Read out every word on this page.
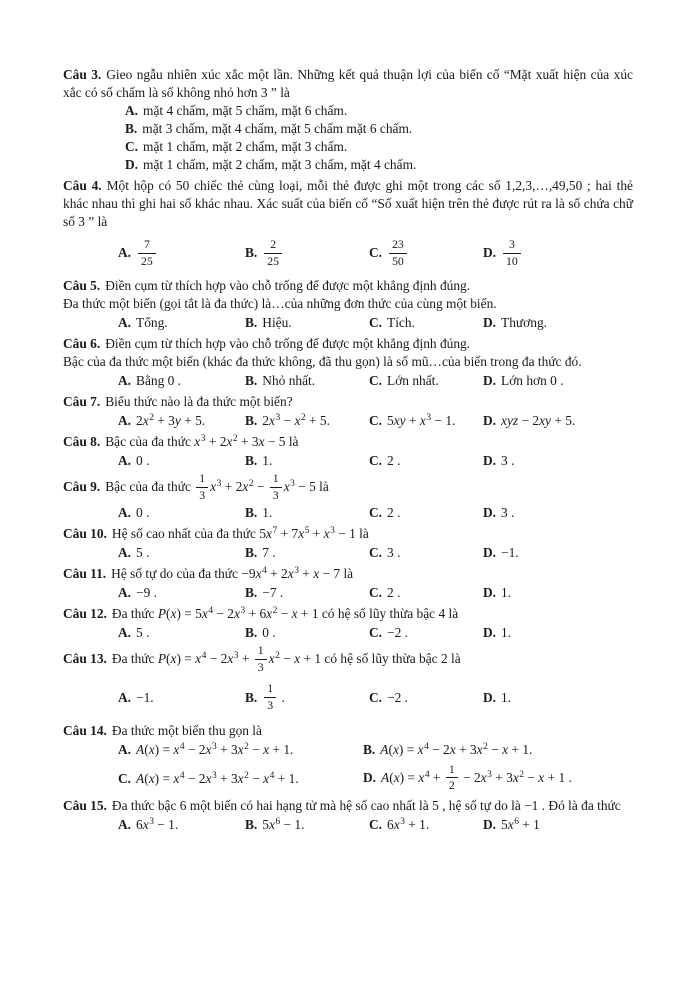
Câu 3. Gieo ngẫu nhiên xúc xắc một lần. Những kết quả thuận lợi của biến cố “Mặt xuất hiện của xúc xắc có số chấm là số không nhỏ hơn 3 ” là

A. mặt 4 chấm, mặt 5 chấm, mặt 6 chấm.
B. mặt 3 chấm, mặt 4 chấm, mặt 5 chấm mặt 6 chấm.
C. mặt 1 chấm, mặt 2 chấm, mặt 3 chấm.
D. mặt 1 chấm, mặt 2 chấm, mặt 3 chấm, mặt 4 chấm.

Câu 4. Một hộp có 50 chiếc thẻ cùng loại, mỗi thẻ được ghi một trong các số 1,2,3,…,49,50 ; hai thẻ khác nhau thì ghi hai số khác nhau. Xác suất của biến cố “Số xuất hiện trên thẻ được rút ra là số chứa chữ số 3 ” là

A. $\frac{7}{25}$	B. $\frac{2}{25}$	C. $\frac{23}{50}$	D. $\frac{3}{10}$

Câu 5. Điền cụm từ thích hợp vào chỗ trống để được một khẳng định đúng.

Đa thức một biến (gọi tắt là đa thức) là…của những đơn thức của cùng một biến.

A. Tổng.	B. Hiệu.	C. Tích.	D. Thương.

Câu 6. Điền cụm từ thích hợp vào chỗ trống để được một khẳng định đúng.

Bậc của đa thức một biến (khác đa thức không, đã thu gọn) là số mũ…của biến trong đa thức đó.

A. Bằng 0 .	B. Nhỏ nhất.	C. Lớn nhất.	D. Lớn hơn 0 .

Câu 7. Biểu thức nào là đa thức một biến?

A. $2x^2 + 3y + 5$.	B. $2x^3 - x^2 + 5$.	C. $5xy + x^3 - 1$.	D. xyz − 2xy + 5.

Câu 8. Bậc của đa thức $x^3 + 2x^2 + 3x - 5$ là

A. 0 .	B. 1.	C. 2 .	D. 3 .

Câu 9. Bậc của đa thức $\frac{1}{3} x^3 + 2x^2 - \frac{1}{3} x^3 - 5$ là

A. 0 .	B. 1.	C. 2 .	D. 3 .

Câu 10. Hệ số cao nhất của đa thức $5x^7 + 7x^5 + x^3 - 1$ là

A. 5 .	B. 7 .	C. 3 .	D. −1.

Câu 11. Hệ số tự do của đa thức $-9x^4 + 2x^3 + x - 7$ là

A. −9 .	B. −7 .	C. 2 .	D. 1.

Câu 12. Đa thức $P(x) = 5x^4 - 2x^3 + 6x^2 - x + 1$ có hệ số lũy thừa bậc 4 là

A. 5 .	B. 0 .	C. −2 .	D. 1.

Câu 13. Đa thức $P(x) = x^4 - 2x^3 + \frac{1}{3} x^2 - x + 1$ có hệ số lũy thừa bậc 2 là

A. −1.	B. $\frac{1}{3}$ .	C. −2 .	D. 1.

Câu 14. Đa thức một biến thu gọn là

A. $A(x) = x^4 - 2x^3 + 3x^2 - x + 1$.	B. $A(x) = x^4 - 2x + 3x^2 - x + 1$.
C. $A(x) = x^4 - 2x^3 + 3x^2 - x^4 + 1$.	D. $A(x) = x^4 + \frac{1}{2} - 2x^3 + 3x^2 - x + 1$ .

Câu 15. Đa thức bậc 6 một biến có hai hạng tử mà hệ số cao nhất là 5 , hệ số tự do là −1 . Đó là đa thức

A. $6x^3 - 1$.	B. $5x^6 - 1$.	C. $6x^3 + 1$.	D. $5x^6 + 1$
